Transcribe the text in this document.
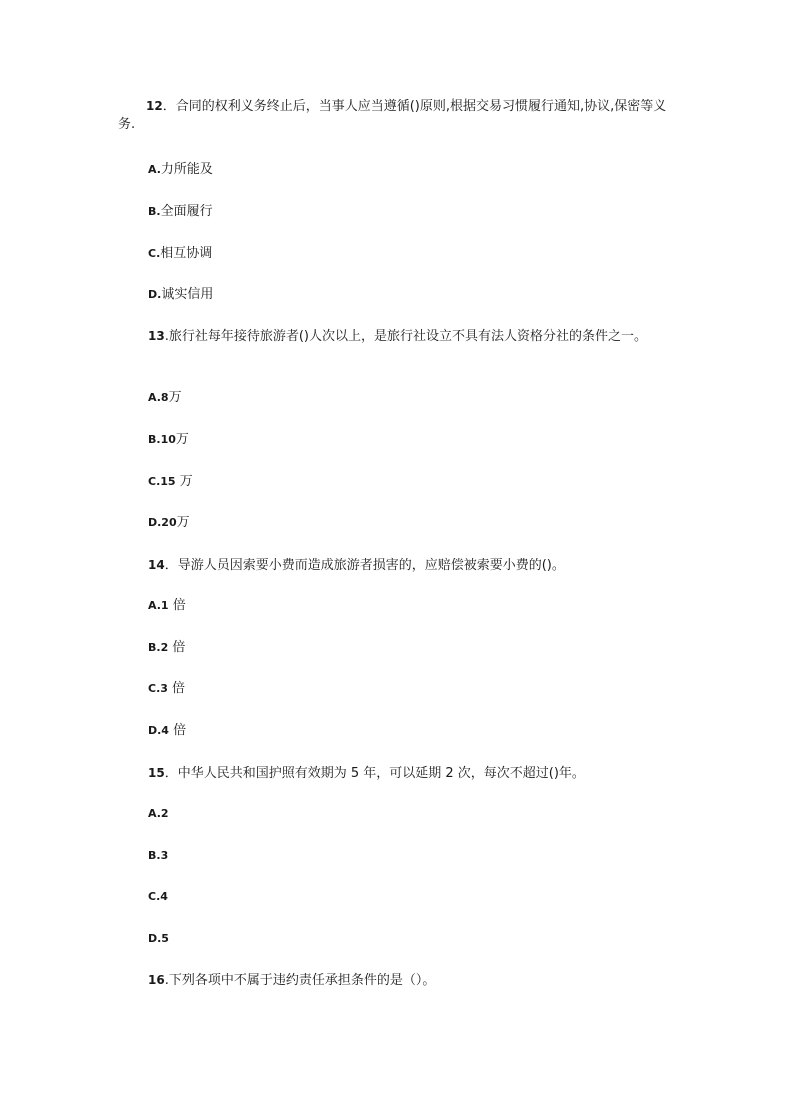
12．合同的权利义务终止后，当事人应当遵循()原则,根据交易习惯履行通知,协议,保密等义务.
A.力所能及
B.全面履行
C.相互协调
D.诚实信用
13.旅行社每年接待旅游者()人次以上，是旅行社设立不具有法人资格分社的条件之一。
A.8万
B.10万
C.15 万
D.20万
14．导游人员因索要小费而造成旅游者损害的，应赔偿被索要小费的()。
A.1 倍
B.2 倍
C.3 倍
D.4 倍
15．中华人民共和国护照有效期为 5 年，可以延期 2 次，每次不超过()年。
A.2
B.3
C.4
D.5
16.下列各项中不属于违约责任承担条件的是（）。
